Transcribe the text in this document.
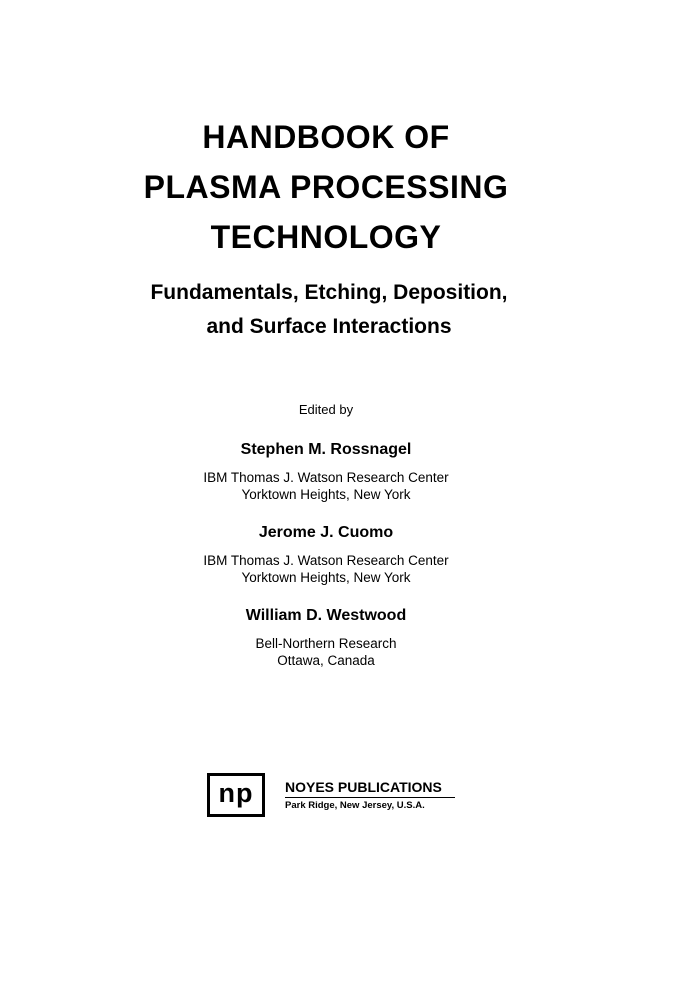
HANDBOOK OF
PLASMA PROCESSING
TECHNOLOGY
Fundamentals, Etching, Deposition,
and Surface Interactions
Edited by
Stephen M. Rossnagel
IBM Thomas J. Watson Research Center
Yorktown Heights, New York
Jerome J. Cuomo
IBM Thomas J. Watson Research Center
Yorktown Heights, New York
William D. Westwood
Bell-Northern Research
Ottawa, Canada
np	NOYES PUBLICATIONS
Park Ridge, New Jersey, U.S.A.
